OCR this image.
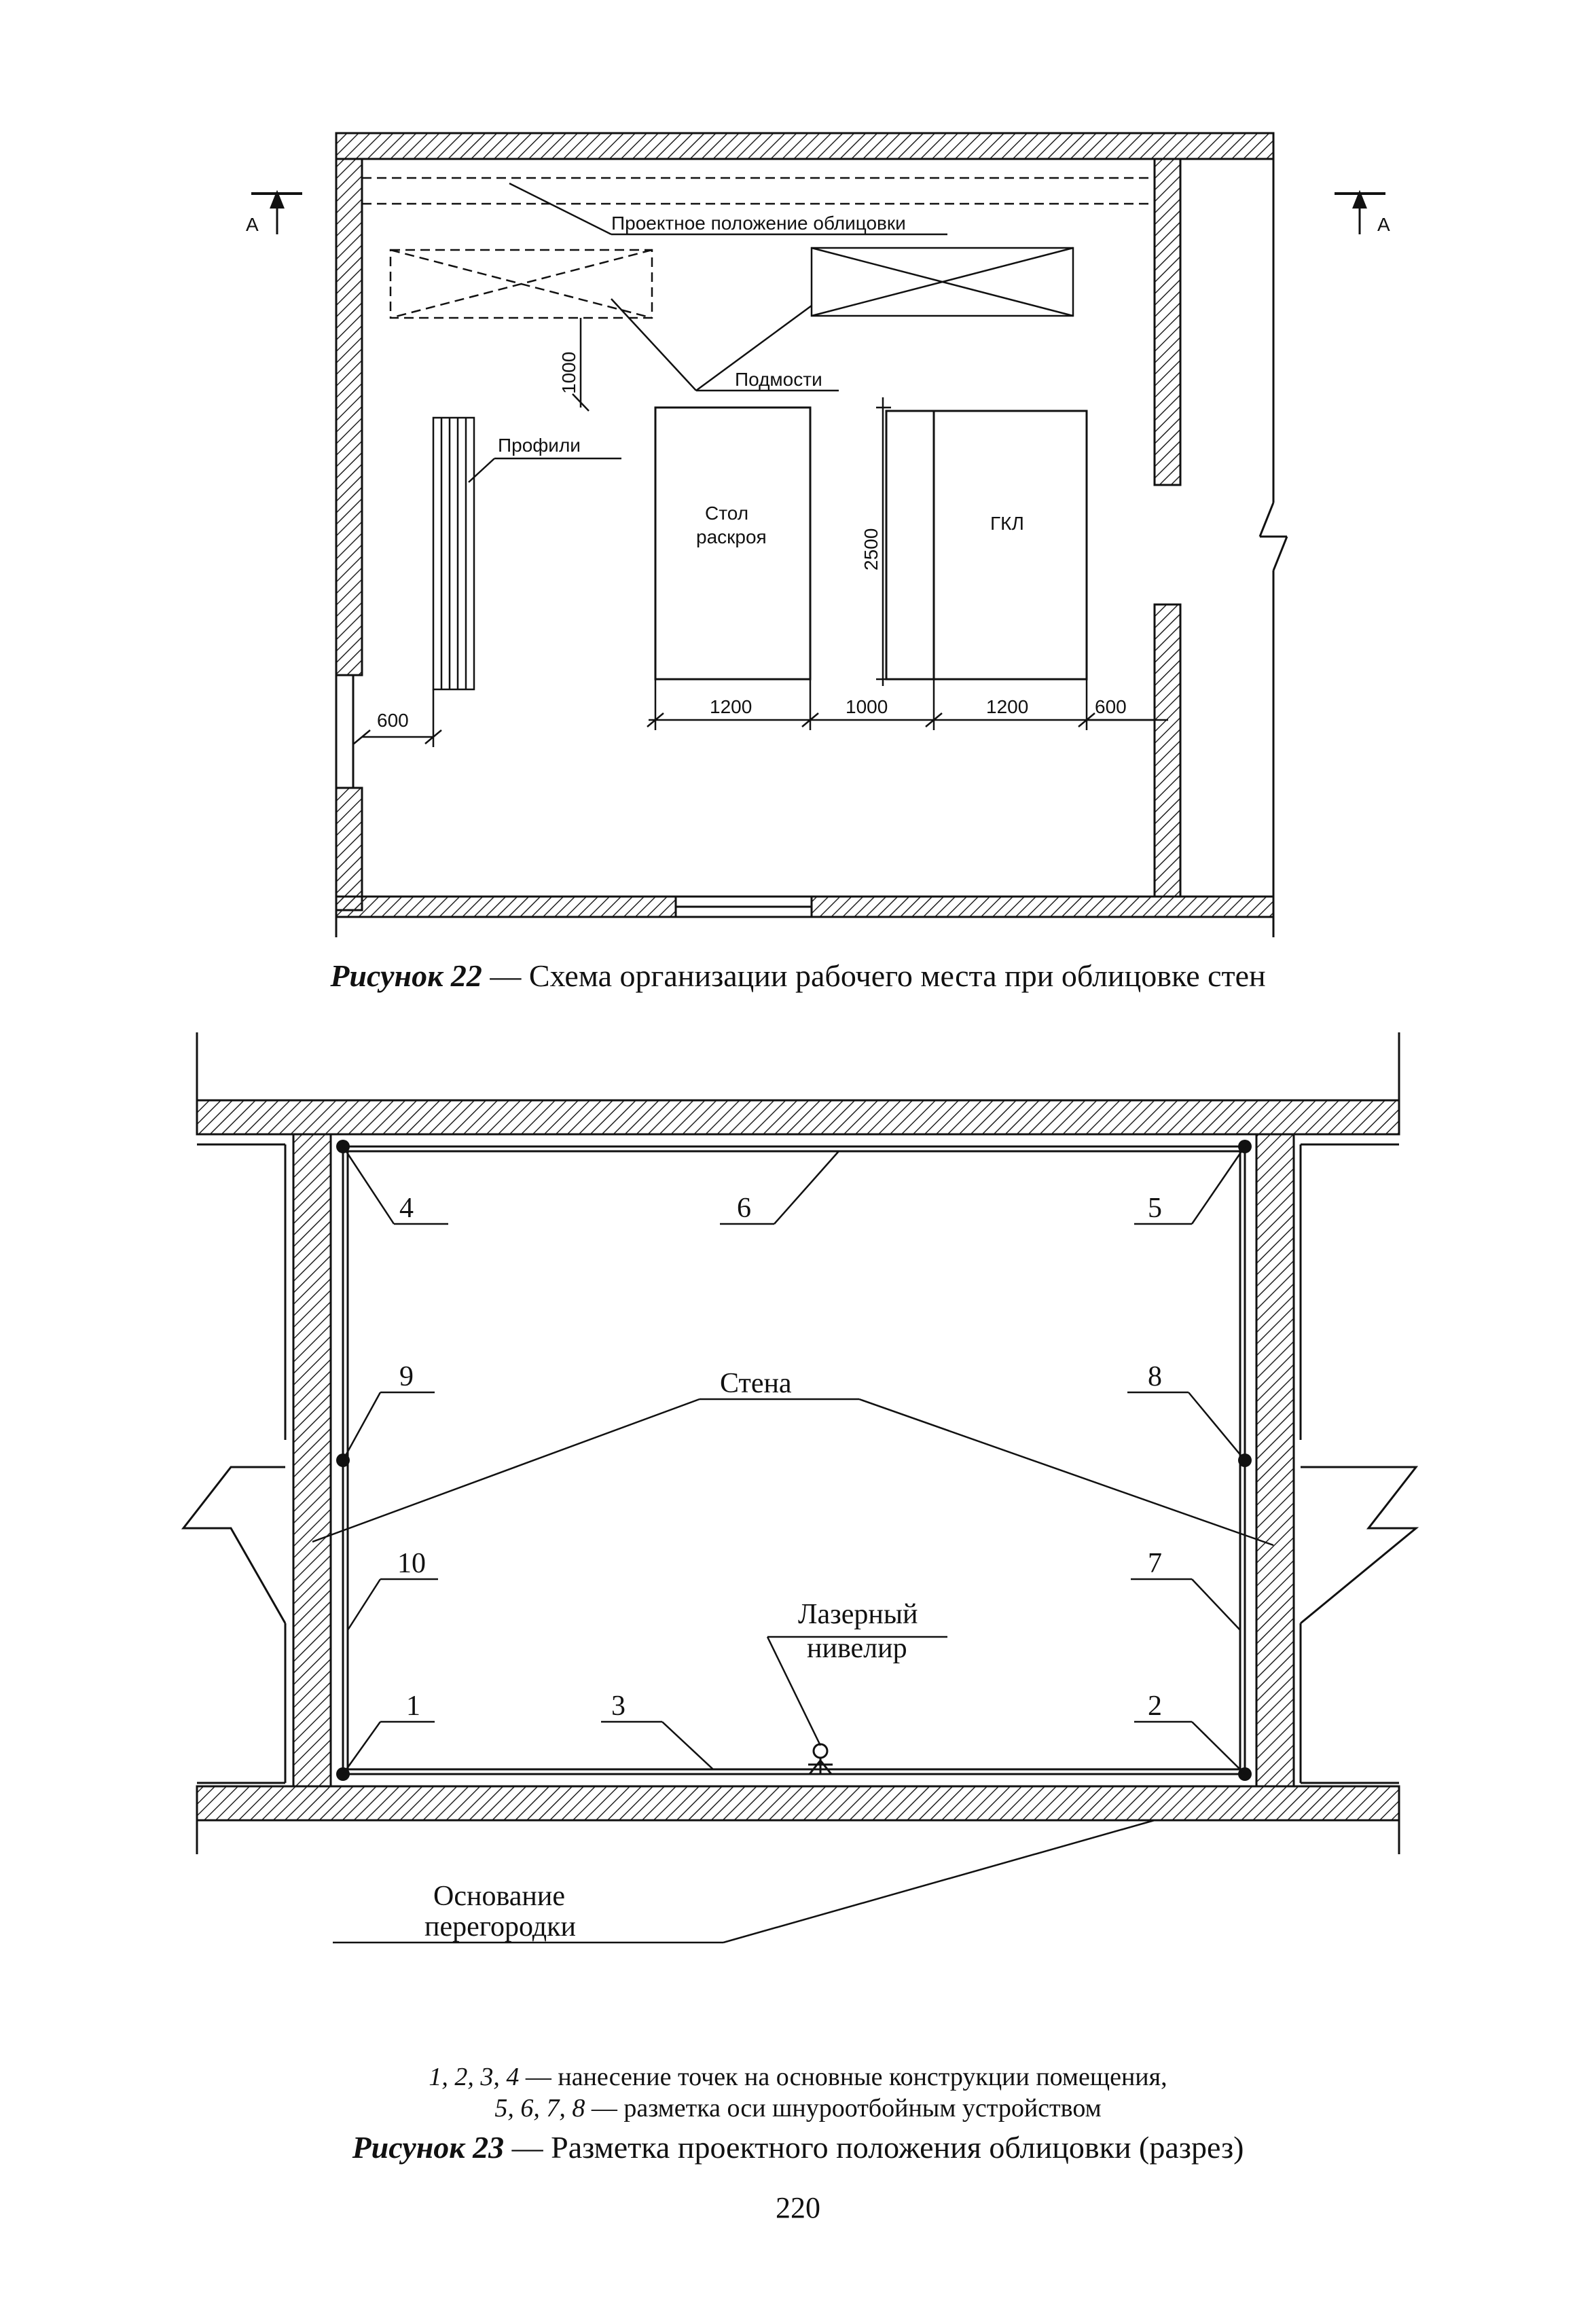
А	А
Проектное положение облицовки
Подмости
Профили
Стол
раскроя
ГКЛ
1000
2500
600
1200	1000	1200	600
Рисунок 22 — Схема организации рабочего места при облицовке стен
4	6	5
9	8
Стена
10	7
Лазерный
нивелир
1	3	2
Основание
перегородки
1, 2, 3, 4 — нанесение точек на основные конструкции помещения,
5, 6, 7, 8 — разметка оси шнуроотбойным устройством
Рисунок 23 — Разметка проектного положения облицовки (разрез)
220
